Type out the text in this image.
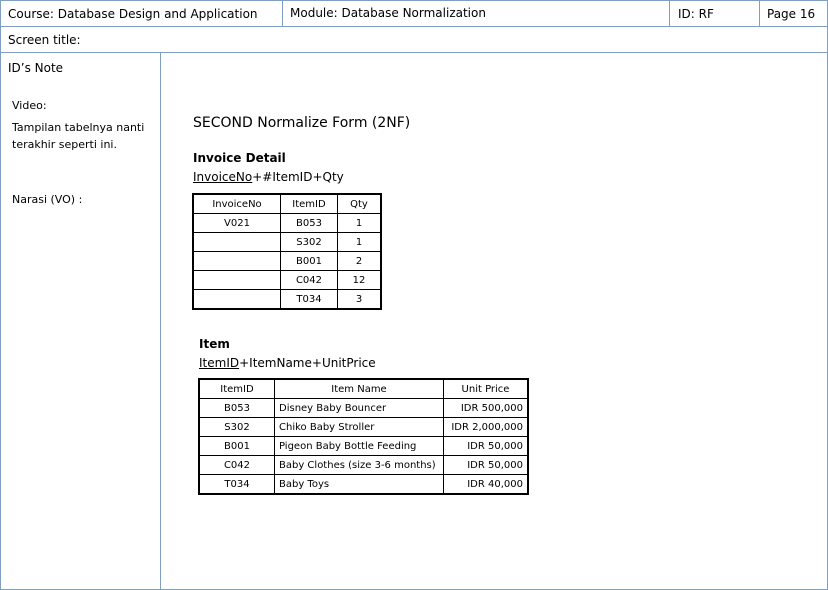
Course: Database Design and Application	Module: Database Normalization	ID: RF	Page 16
Screen title:
ID’s Note
Video:
Tampilan tabelnya nanti terakhir seperti ini.
Narasi (VO) :
SECOND Normalize Form (2NF)
Invoice Detail
InvoiceNo+#ItemID+Qty
InvoiceNo	ItemID	Qty
V021	B053	1
	S302	1
	B001	2
	C042	12
	T034	3
Item
ItemID+ItemName+UnitPrice
ItemID	Item Name	Unit Price
B053	Disney Baby Bouncer	IDR 500,000
S302	Chiko Baby Stroller	IDR 2,000,000
B001	Pigeon Baby Bottle Feeding	IDR 50,000
C042	Baby Clothes (size 3-6 months)	IDR 50,000
T034	Baby Toys	IDR 40,000
